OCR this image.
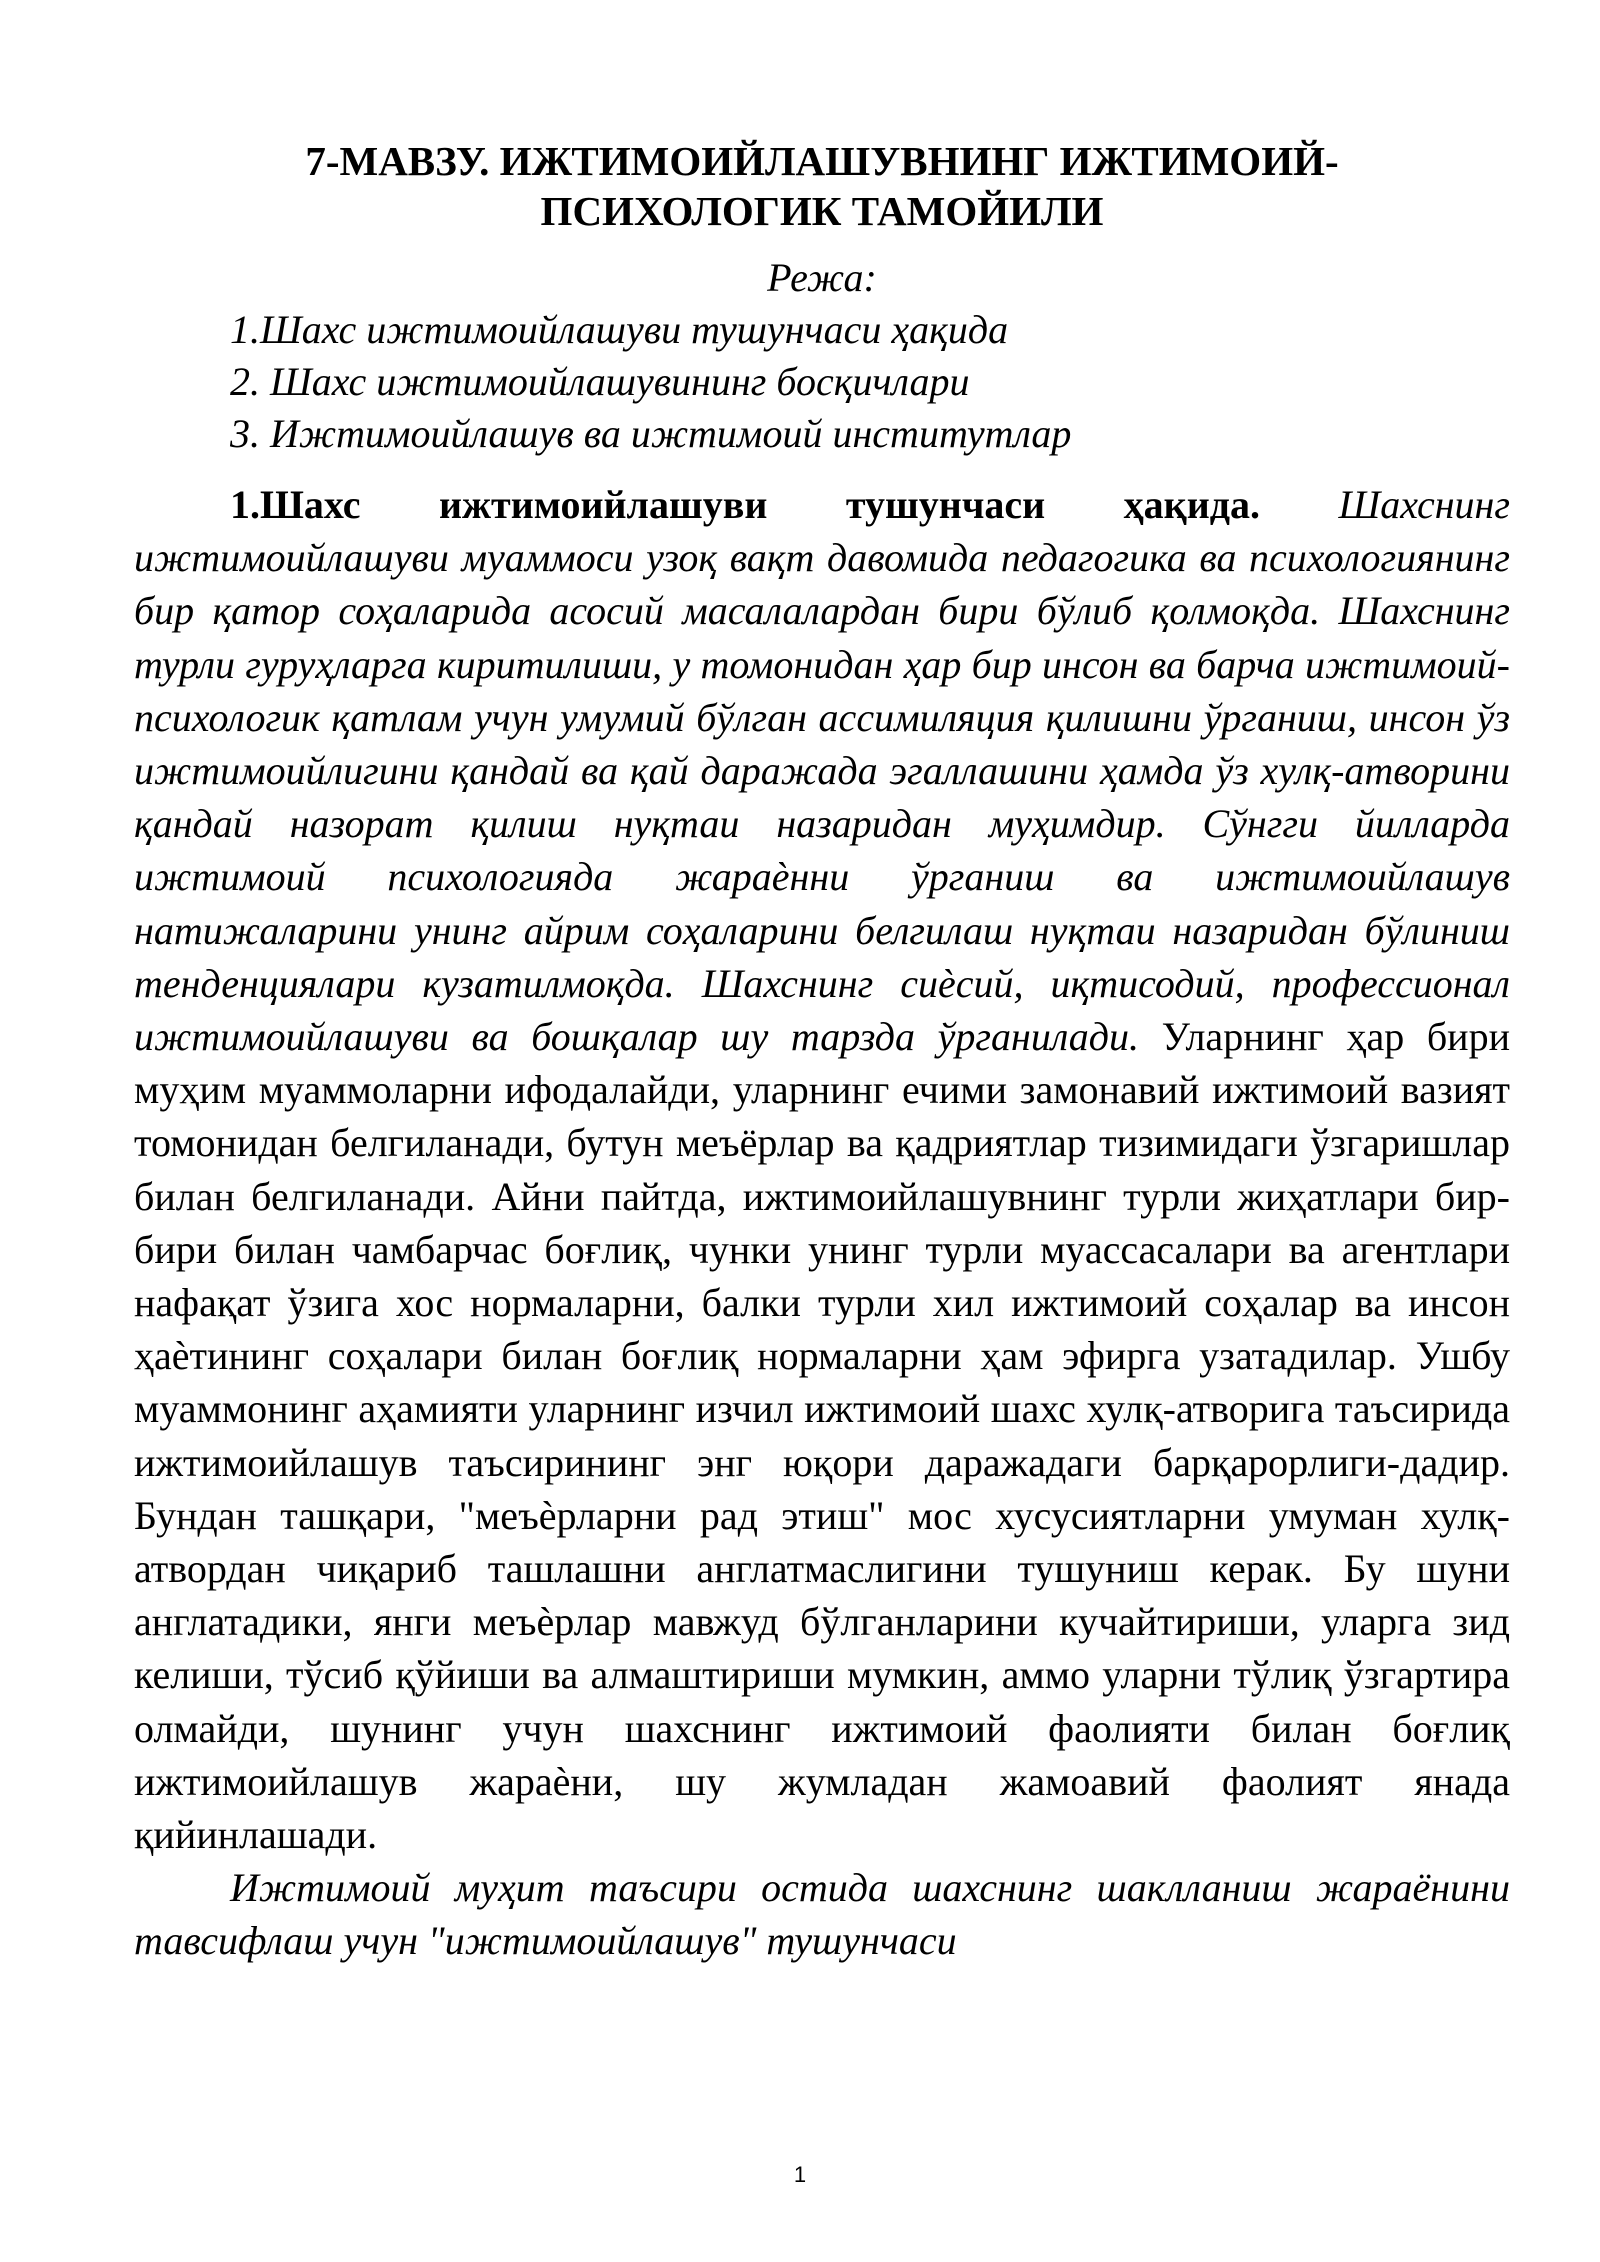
7-МАВЗУ. ИЖТИМОИЙЛАШУВНИНГ ИЖТИМОИЙ-
ПСИХОЛОГИК ТАМОЙИЛИ

Режа:

1.Шахс ижтимоийлашуви тушунчаси ҳақида
2. Шахс ижтимоийлашувининг босқичлари
3. Ижтимоийлашув ва ижтимоий институтлар

1.Шахс ижтимоийлашуви тушунчаси ҳақида. Шахснинг ижтимоийлашуви муаммоси узоқ вақт давомида педагогика ва психологиянинг бир қатор соҳаларида асосий масалалардан бири бўлиб қолмоқда. Шахснинг турли гуруҳларга киритилиши, у томонидан ҳар бир инсон ва барча ижтимоий-психологик қатлам учун умумий бўлган ассимиляция қилишни ўрганиш, инсон ўз ижтимоийлигини қандай ва қай даражада эгаллашини ҳамда ўз хулқ-атворини қандай назорат қилиш нуқтаи назаридан муҳимдир. Сўнгги йилларда ижтимоий психологияда жараѐнни ўрганиш ва ижтимоийлашув натижаларини унинг айрим соҳаларини белгилаш нуқтаи назаридан бўлиниш тенденциялари кузатилмоқда. Шахснинг сиѐсий, иқтисодий, профессионал ижтимоийлашуви ва бошқалар шу тарзда ўрганилади. Уларнинг ҳар бири муҳим муаммоларни ифодалайди, уларнинг ечими замонавий ижтимоий вазият томонидан белгиланади, бутун меъёрлар ва қадриятлар тизимидаги ўзгаришлар билан белгиланади. Айни пайтда, ижтимоийлашувнинг турли жиҳатлари бир-бири билан чамбарчас боғлиқ, чунки унинг турли муассасалари ва агентлари нафақат ўзига хос нормаларни, балки турли хил ижтимоий соҳалар ва инсон ҳаѐтининг соҳалари билан боғлиқ нормаларни ҳам эфирга узатадилар. Ушбу муаммонинг аҳамияти уларнинг изчил ижтимоий шахс хулқ-атворига таъсирида ижтимоийлашув таъсирининг энг юқори даражадаги барқарорлиги-дадир. Бундан ташқари, "меъѐрларни рад этиш" мос хусусиятларни умуман хулқ-атвордан чиқариб ташлашни англатмаслигини тушуниш керак. Бу шуни англатадики, янги меъѐрлар мавжуд бўлганларини кучайтириши, уларга зид келиши, тўсиб қўйиши ва алмаштириши мумкин, аммо уларни тўлиқ ўзгартира олмайди, шунинг учун шахснинг ижтимоий фаолияти билан боғлиқ ижтимоийлашув жараѐни, шу жумладан жамоавий фаолият янада қийинлашади.

Ижтимоий муҳит таъсири остида шахснинг шаклланиш жараёнини тавсифлаш учун "ижтимоийлашув" тушунчаси

1
